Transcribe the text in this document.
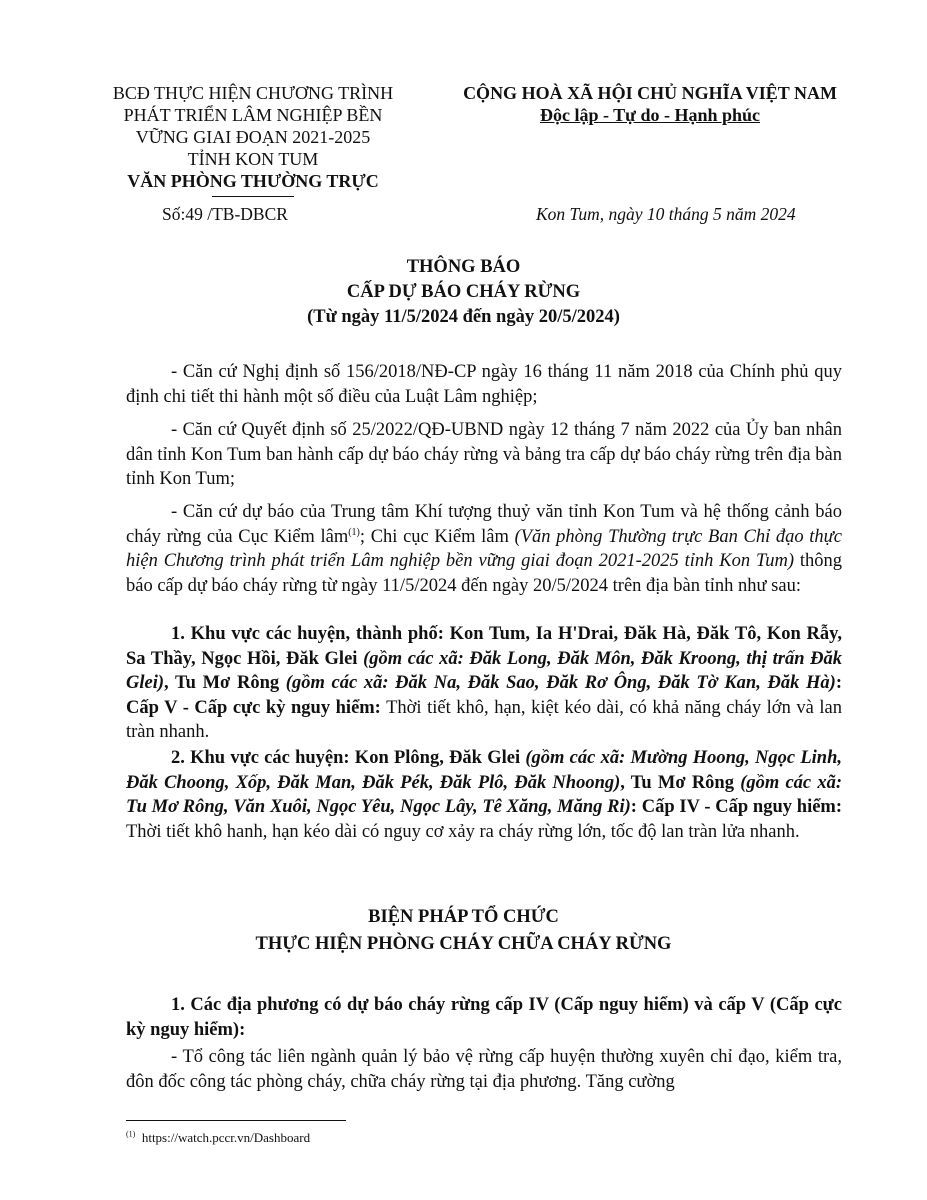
BCĐ THỰC HIỆN CHƯƠNG TRÌNH
PHÁT TRIỂN LÂM NGHIỆP BỀN
VỮNG GIAI ĐOẠN 2021-2025
TỈNH KON TUM
VĂN PHÒNG THƯỜNG TRỰC
CỘNG HOÀ XÃ HỘI CHỦ NGHĨA VIỆT NAM
Độc lập - Tự do - Hạnh phúc
Số:49 /TB-DBCR	Kon Tum, ngày 10 tháng 5 năm 2024
THÔNG BÁO
CẤP DỰ BÁO CHÁY RỪNG
(Từ ngày 11/5/2024 đến ngày 20/5/2024)
- Căn cứ Nghị định số 156/2018/NĐ-CP ngày 16 tháng 11 năm 2018 của Chính phủ quy định chi tiết thi hành một số điều của Luật Lâm nghiệp;
- Căn cứ Quyết định số 25/2022/QĐ-UBND ngày 12 tháng 7 năm 2022 của Ủy ban nhân dân tỉnh Kon Tum ban hành cấp dự báo cháy rừng và bảng tra cấp dự báo cháy rừng trên địa bàn tỉnh Kon Tum;
- Căn cứ dự báo của Trung tâm Khí tượng thuỷ văn tỉnh Kon Tum và hệ thống cảnh báo cháy rừng của Cục Kiểm lâm$^{(1)}$; Chi cục Kiểm lâm (Văn phòng Thường trực Ban Chỉ đạo thực hiện Chương trình phát triển Lâm nghiệp bền vững giai đoạn 2021-2025 tỉnh Kon Tum) thông báo cấp dự báo cháy rừng từ ngày 11/5/2024 đến ngày 20/5/2024 trên địa bàn tỉnh như sau:
1. Khu vực các huyện, thành phố: Kon Tum, Ia H'Drai, Đăk Hà, Đăk Tô, Kon Rẫy, Sa Thầy, Ngọc Hồi, Đăk Glei (gồm các xã: Đăk Long, Đăk Môn, Đăk Kroong, thị trấn Đăk Glei), Tu Mơ Rông (gồm các xã: Đăk Na, Đăk Sao, Đăk Rơ Ông, Đăk Tờ Kan, Đăk Hà): Cấp V - Cấp cực kỳ nguy hiểm: Thời tiết khô, hạn, kiệt kéo dài, có khả năng cháy lớn và lan tràn nhanh.
2. Khu vực các huyện: Kon Plông, Đăk Glei (gồm các xã: Mường Hoong, Ngọc Linh, Đăk Choong, Xốp, Đăk Man, Đăk Pék, Đăk Plô, Đăk Nhoong), Tu Mơ Rông (gồm các xã: Tu Mơ Rông, Văn Xuôi, Ngọc Yêu, Ngọc Lây, Tê Xăng, Măng Ri): Cấp IV - Cấp nguy hiểm: Thời tiết khô hanh, hạn kéo dài có nguy cơ xảy ra cháy rừng lớn, tốc độ lan tràn lửa nhanh.
BIỆN PHÁP TỔ CHỨC
THỰC HIỆN PHÒNG CHÁY CHỮA CHÁY RỪNG
1. Các địa phương có dự báo cháy rừng cấp IV (Cấp nguy hiểm) và cấp V (Cấp cực kỳ nguy hiểm):
- Tổ công tác liên ngành quản lý bảo vệ rừng cấp huyện thường xuyên chỉ đạo, kiểm tra, đôn đốc công tác phòng cháy, chữa cháy rừng tại địa phương. Tăng cường
$^{(1)}$ https://watch.pccr.vn/Dashboard
